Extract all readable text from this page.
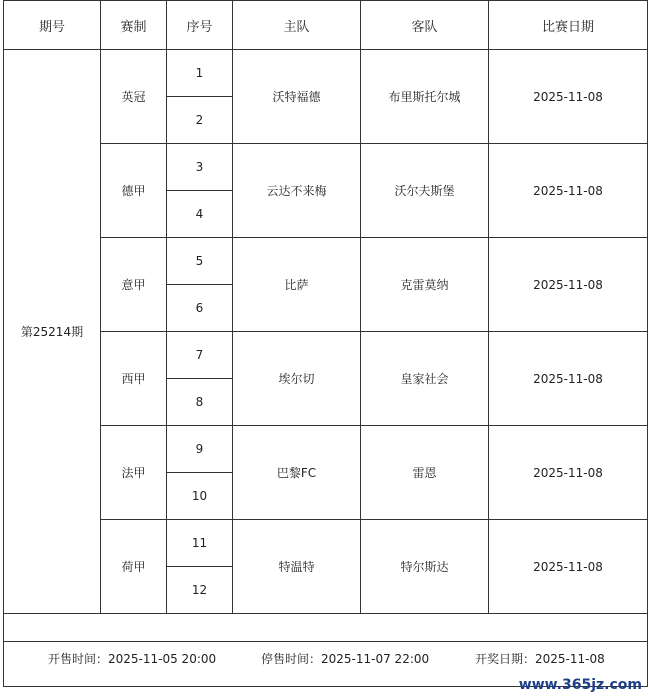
期号	赛制	序号	主队	客队	比赛日期
第25214期	英冠	1	沃特福德	布里斯托尔城	2025-11-08
		2			
	德甲	3	云达不来梅	沃尔夫斯堡	2025-11-08
		4			
	意甲	5	比萨	克雷莫纳	2025-11-08
		6			
	西甲	7	埃尔切	皇家社会	2025-11-08
		8			
	法甲	9	巴黎FC	雷恩	2025-11-08
		10			
	荷甲	11	特温特	特尔斯达	2025-11-08
		12			

开售时间：2025-11-05 20:00 停售时间：2025-11-07 22:00 开奖日期：2025-11-08					
www.365jz.com
